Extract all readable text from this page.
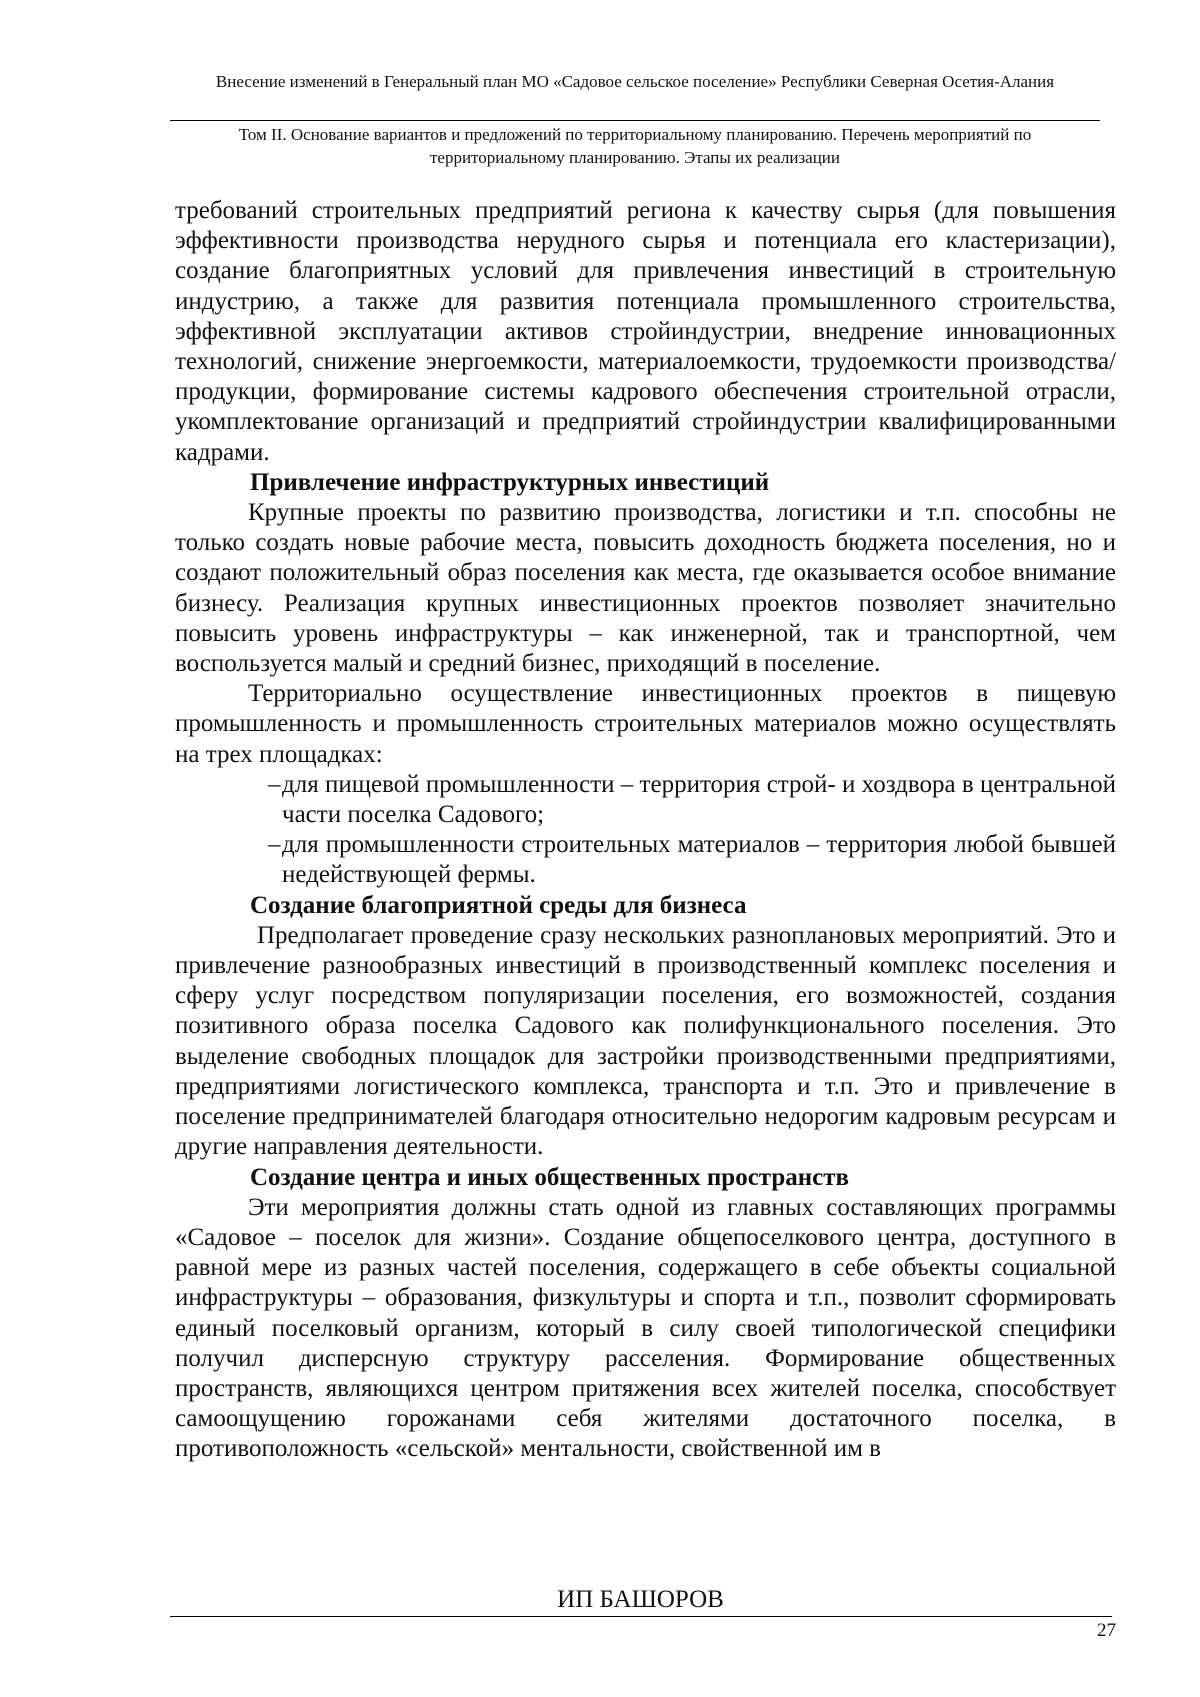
Внесение изменений в Генеральный план МО «Садовое сельское поселение» Республики Северная Осетия-Алания
Том II. Основание вариантов и предложений по территориальному планированию. Перечень мероприятий по территориальному планированию. Этапы их реализации

требований строительных предприятий региона к качеству сырья (для повышения эффективности производства нерудного сырья и потенциала его кластеризации), создание благоприятных условий для привлечения инвестиций в строительную индустрию, а также для развития потенциала промышленного строительства, эффективной эксплуатации активов стройиндустрии, внедрение инновационных технологий, снижение энергоемкости, материалоемкости, трудоемкости производства/продукции, формирование системы кадрового обеспечения строительной отрасли, укомплектование организаций и предприятий стройиндустрии квалифицированными кадрами.

Привлечение инфраструктурных инвестиций

Крупные проекты по развитию производства, логистики и т.п. способны не только создать новые рабочие места, повысить доходность бюджета поселения, но и создают положительный образ поселения как места, где оказывается особое внимание бизнесу. Реализация крупных инвестиционных проектов позволяет значительно повысить уровень инфраструктуры – как инженерной, так и транспортной, чем воспользуется малый и средний бизнес, приходящий в поселение.

Территориально осуществление инвестиционных проектов в пищевую промышленность и промышленность строительных материалов можно осуществлять на трех площадках:

– для пищевой промышленности – территория строй- и хоздвора в центральной части поселка Садового;
– для промышленности строительных материалов – территория любой бывшей недействующей фермы.

Создание благоприятной среды для бизнеса

Предполагает проведение сразу нескольких разноплановых мероприятий. Это и привлечение разнообразных инвестиций в производственный комплекс поселения и сферу услуг посредством популяризации поселения, его возможностей, создания позитивного образа поселка Садового как полифункционального поселения. Это выделение свободных площадок для застройки производственными предприятиями, предприятиями логистического комплекса, транспорта и т.п. Это и привлечение в поселение предпринимателей благодаря относительно недорогим кадровым ресурсам и другие направления деятельности.

Создание центра и иных общественных пространств

Эти мероприятия должны стать одной из главных составляющих программы «Садовое – поселок для жизни». Создание общепоселкового центра, доступного в равной мере из разных частей поселения, содержащего в себе объекты социальной инфраструктуры – образования, физкультуры и спорта и т.п., позволит сформировать единый поселковый организм, который в силу своей типологической специфики получил дисперсную структуру расселения. Формирование общественных пространств, являющихся центром притяжения всех жителей поселка, способствует самоощущению горожанами себя жителями достаточного поселка, в противоположность «сельской» ментальности, свойственной им в

ИП БАШОРОВ
27
